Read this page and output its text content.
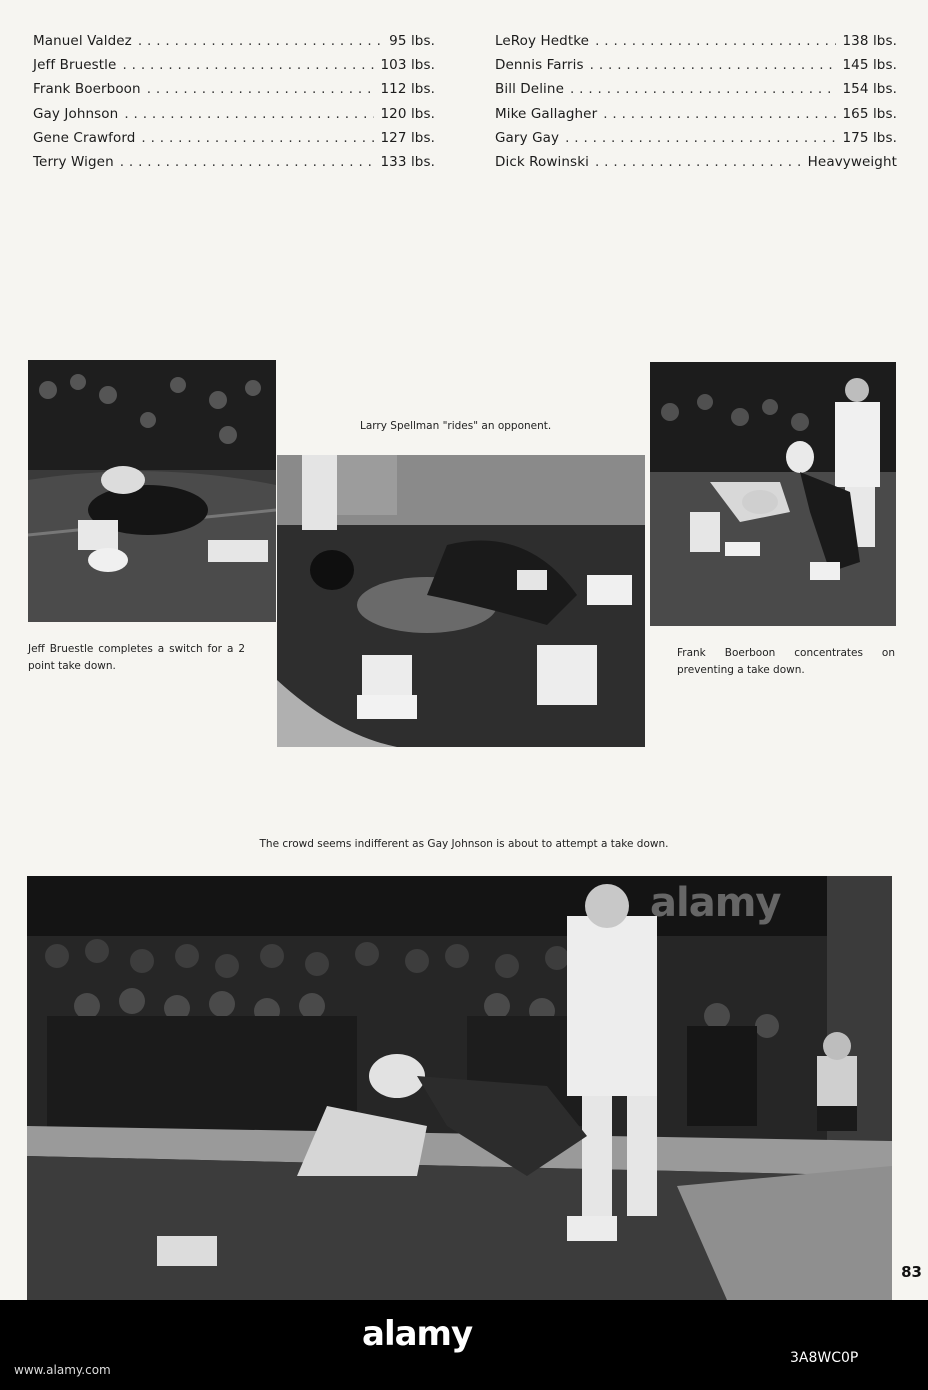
Manuel Valdez . . .	95 lbs.
Jeff Bruestle . . .	103 lbs.
Frank Boerboon . . .	112 lbs.
Gay Johnson . . .	120 lbs.
Gene Crawford . . .	127 lbs.
Terry Wigen . . .	133 lbs.
LeRoy Hedtke . . .	138 lbs.
Dennis Farris . . .	145 lbs.
Bill Deline . . .	154 lbs.
Mike Gallagher . . .	165 lbs.
Gary Gay . . .	175 lbs.
Dick Rowinski . . .	Heavyweight
Larry Spellman "rides" an opponent.
Jeff Bruestle completes a switch for a 2 point take down.
Frank Boerboon concentrates on preventing a take down.
The crowd seems indifferent as Gay Johnson is about to attempt a take down.
alamy
83
alamy
3A8WC0P
www.alamy.com
